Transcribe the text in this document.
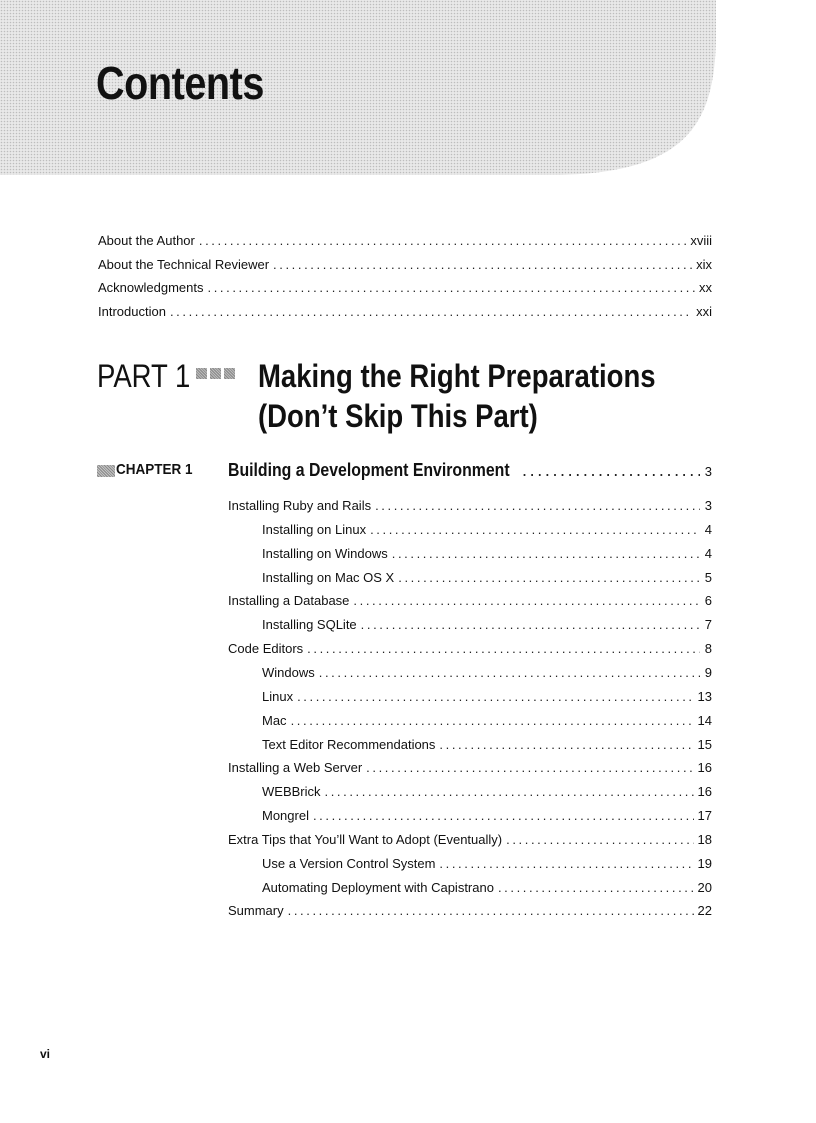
Contents
About the Author .....	xviii
About the Technical Reviewer .....	xix
Acknowledgments .....	xx
Introduction .....	xxi
PART 1 Making the Right Preparations
(Don’t Skip This Part)
CHAPTER 1 Building a Development Environment .....	3
Installing Ruby and Rails .....	3
Installing on Linux .....	4
Installing on Windows .....	4
Installing on Mac OS X .....	5
Installing a Database .....	6
Installing SQLite .....	7
Code Editors .....	8
Windows .....	9
Linux .....	13
Mac .....	14
Text Editor Recommendations .....	15
Installing a Web Server .....	16
WEBBrick .....	16
Mongrel .....	17
Extra Tips that You’ll Want to Adopt (Eventually) .....	18
Use a Version Control System .....	19
Automating Deployment with Capistrano .....	20
Summary .....	22
vi
